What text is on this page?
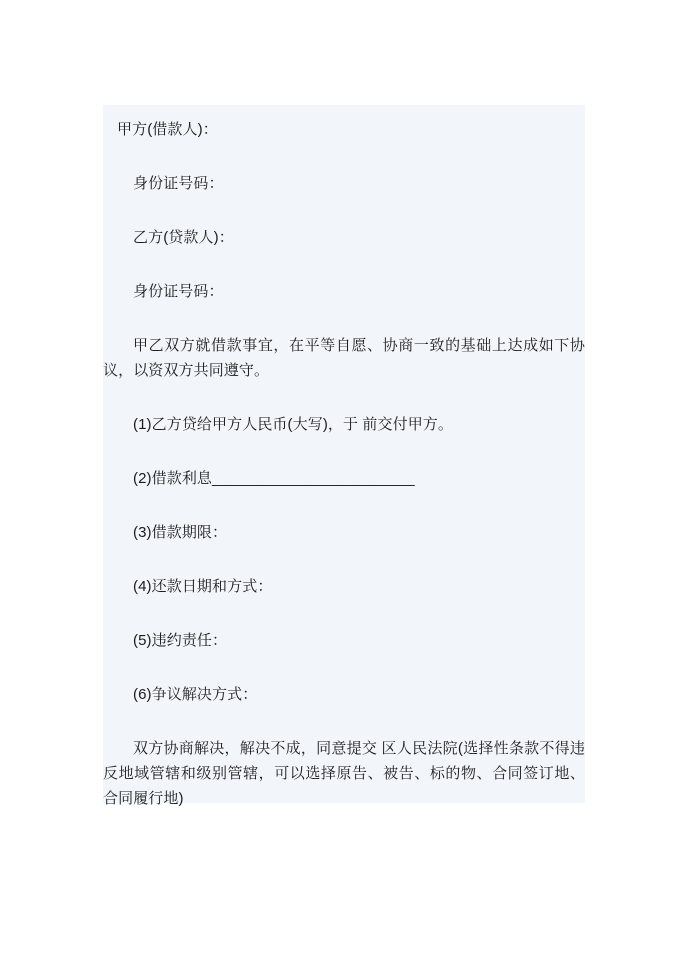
甲方(借款人)：

身份证号码：

乙方(贷款人)：

身份证号码：

甲乙双方就借款事宜，在平等自愿、协商一致的基础上达成如下协议，以资双方共同遵守。

(1)乙方贷给甲方人民币(大写)，于 前交付甲方。

(2)借款利息________________________

(3)借款期限：

(4)还款日期和方式：

(5)违约责任：

(6)争议解决方式：

双方协商解决，解决不成，同意提交 区人民法院(选择性条款不得违反地域管辖和级别管辖，可以选择原告、被告、标的物、合同签订地、合同履行地)
